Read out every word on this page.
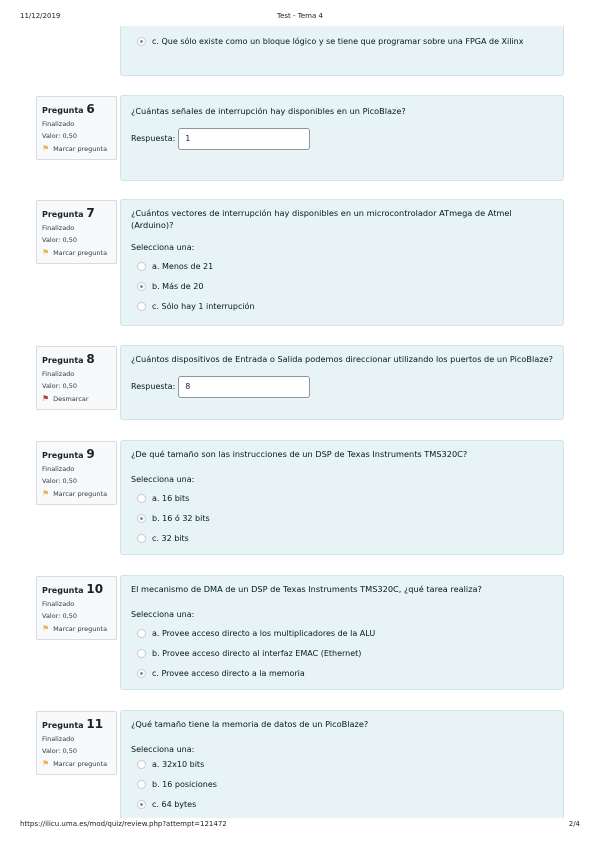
11/12/2019	Test - Tema 4
c. Que sólo existe como un bloque lógico y se tiene que programar sobre una FPGA de Xilinx
Pregunta 6
Finalizado
Valor: 0,50
⚑ Marcar pregunta
¿Cuántas señales de interrupción hay disponibles en un PicoBlaze?
Respuesta:
1
Pregunta 7
Finalizado
Valor: 0,50
⚑ Marcar pregunta
¿Cuántos vectores de interrupción hay disponibles en un microcontrolador ATmega de Atmel (Arduino)?
Selecciona una:
a. Menos de 21
b. Más de 20
c. Sólo hay 1 interrupción
Pregunta 8
Finalizado
Valor: 0,50
⚑ Desmarcar
¿Cuántos dispositivos de Entrada o Salida podemos direccionar utilizando los puertos de un PicoBlaze?
Respuesta:
8
Pregunta 9
Finalizado
Valor: 0,50
⚑ Marcar pregunta
¿De qué tamaño son las instrucciones de un DSP de Texas Instruments TMS320C?
Selecciona una:
a. 16 bits
b. 16 ó 32 bits
c. 32 bits
Pregunta 10
Finalizado
Valor: 0,50
⚑ Marcar pregunta
El mecanismo de DMA de un DSP de Texas Instruments TMS320C, ¿qué tarea realiza?
Selecciona una:
a. Provee acceso directo a los multiplicadores de la ALU
b. Provee acceso directo al interfaz EMAC (Ethernet)
c. Provee acceso directo a la memoria
Pregunta 11
Finalizado
Valor: 0,50
⚑ Marcar pregunta
¿Qué tamaño tiene la memoria de datos de un PicoBlaze?
Selecciona una:
a. 32x10 bits
b. 16 posiciones
c. 64 bytes
https://ilicu.uma.es/mod/quiz/review.php?attempt=121472	2/4
